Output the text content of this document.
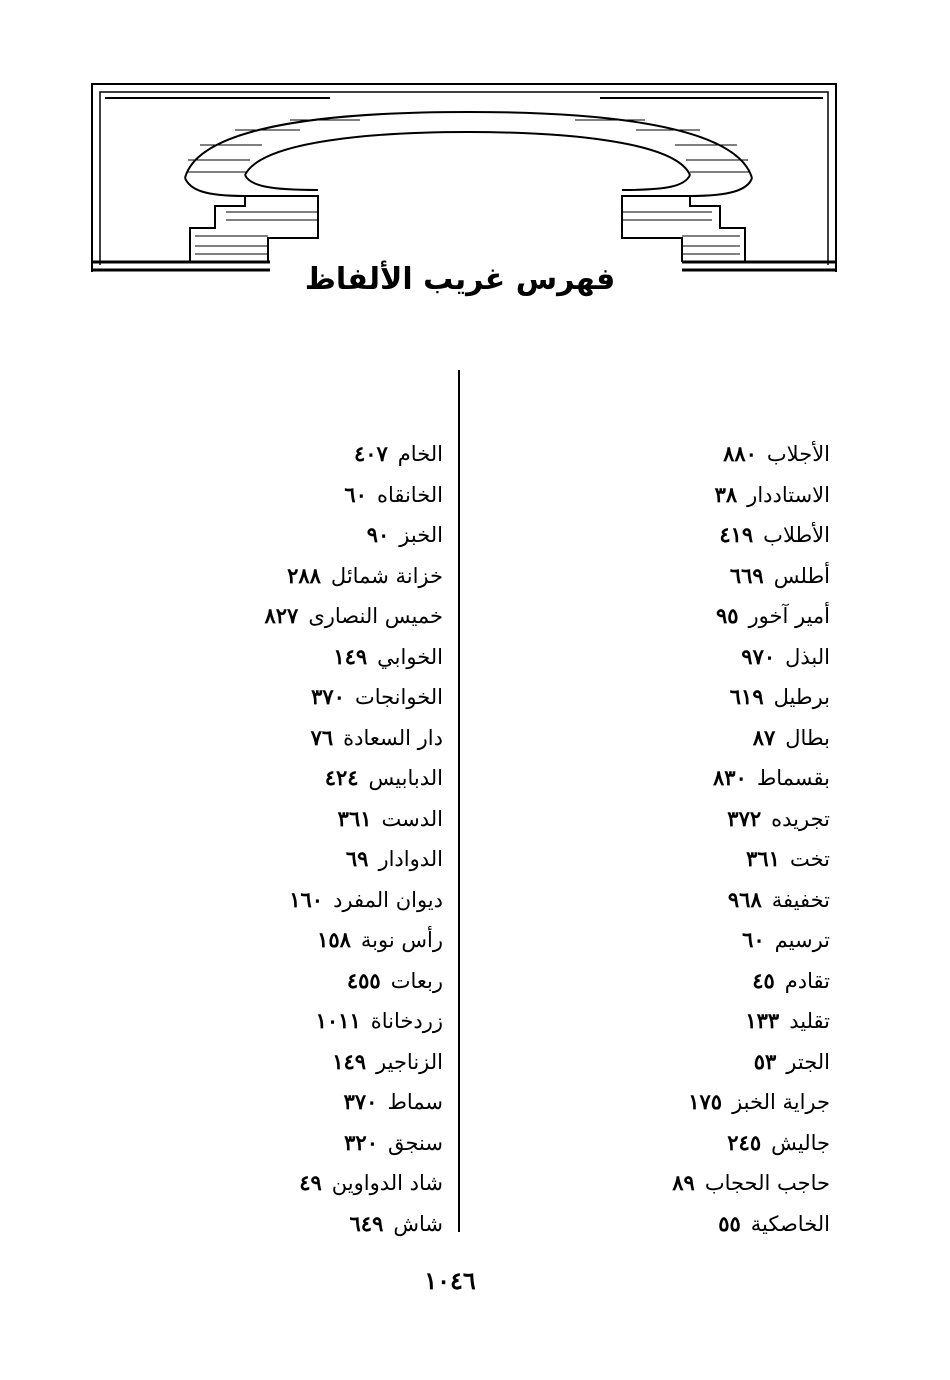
فهرس غريب الألفاظ
الأجلاب٨٨٠
الاستاددار٣٨
الأطلاب٤١٩
أطلس٦٦٩
أمير آخور٩٥
البذل٩٧٠
برطيل٦١٩
بطال٨٧
بقسماط٨٣٠
تجريده٣٧٢
تخت٣٦١
تخفيفة٩٦٨
ترسيم٦٠
تقادم٤٥
تقليد١٣٣
الجتر٥٣
جراية الخبز١٧٥
جاليش٢٤٥
حاجب الحجاب٨٩
الخاصكية٥٥
الخام٤٠٧
الخانقاه٦٠
الخبز٩٠
خزانة شمائل٢٨٨
خميس النصارى٨٢٧
الخوابي١٤٩
الخوانجات٣٧٠
دار السعادة٧٦
الدبابيس٤٢٤
الدست٣٦١
الدوادار٦٩
ديوان المفرد١٦٠
رأس نوبة١٥٨
ربعات٤٥٥
زردخاناة١٠١١
الزناجير١٤٩
سماط٣٧٠
سنجق٣٢٠
شاد الدواوين٤٩
شاش٦٤٩
١٠٤٦
